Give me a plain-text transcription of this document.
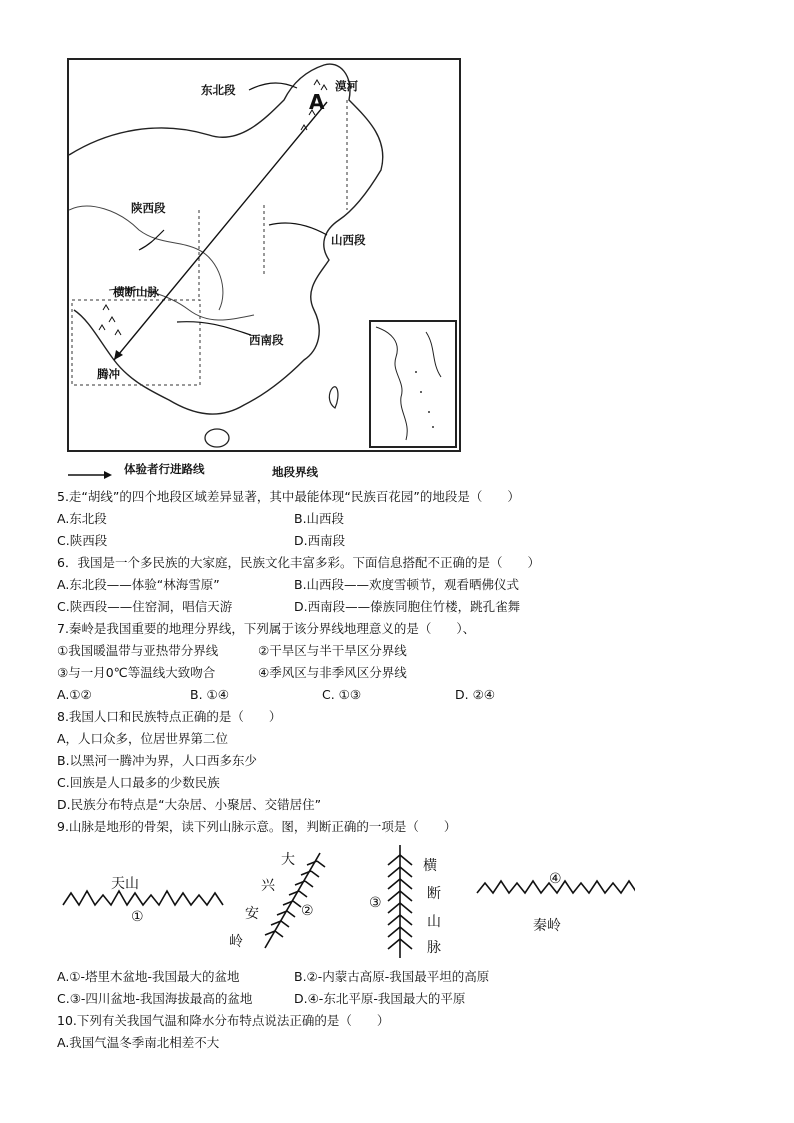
东北段	漠河
A
陕西段
山西段
横断山脉
西南段
腾冲
体验者行进路线	地段界线
5.走“胡线”的四个地段区域差异显著，其中最能体现“民族百花园”的地段是（　　）
A.东北段	B.山西段
C.陕西段	D.西南段
6．我国是一个多民族的大家庭，民族文化丰富多彩。下面信息搭配不正确的是（　　）
A.东北段——体验“林海雪原”	B.山西段——欢度雪顿节，观看晒佛仪式
C.陕西段——住窑洞，唱信天游	D.西南段——傣族同胞住竹楼，跳孔雀舞
7.秦岭是我国重要的地理分界线，下列属于该分界线地理意义的是（　　）、
①我国暖温带与亚热带分界线	②干旱区与半干旱区分界线
③与一月0℃等温线大致吻合	④季风区与非季风区分界线
A.①②	B. ①④	C. ①③	D. ②④
8.我国人口和民族特点正确的是（　　）
A，人口众多，位居世界第二位
B.以黑河一腾冲为界，人口西多东少
C.回族是人口最多的少数民族
D.民族分布特点是“大杂居、小聚居、交错居住”
9.山脉是地形的骨架，读下列山脉示意。图，判断正确的一项是（　　）
天山
①
大
兴
安	②
岭
③
横
断
山
脉
④
秦岭
A.①-塔里木盆地-我国最大的盆地	B.②-内蒙古高原-我国最平坦的高原
C.③-四川盆地-我国海拔最高的盆地	D.④-东北平原-我国最大的平原
10.下列有关我国气温和降水分布特点说法正确的是（　　）
A.我国气温冬季南北相差不大
